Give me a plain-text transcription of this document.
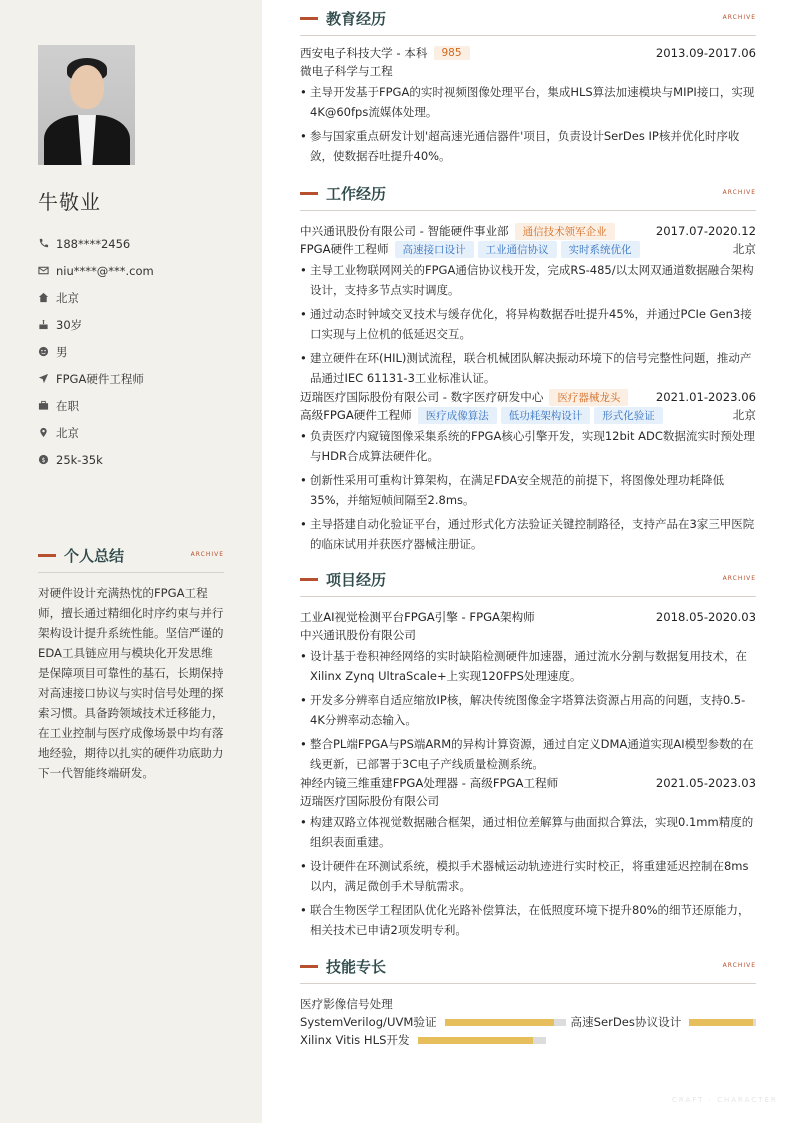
牛敬业
188****2456
niu****@***.com
北京
30岁
男
FPGA硬件工程师
在职
北京
$ 25k-35k
个人总结	ARCHIVE
对硬件设计充满热忱的FPGA工程师，擅长通过精细化时序约束与并行架构设计提升系统性能。坚信严谨的EDA工具链应用与模块化开发思维是保障项目可靠性的基石，长期保持对高速接口协议与实时信号处理的探索习惯。具备跨领域技术迁移能力，在工业控制与医疗成像场景中均有落地经验，期待以扎实的硬件功底助力下一代智能终端研发。
教育经历	ARCHIVE
西安电子科技大学 - 本科	985	2013.09-2017.06
微电子科学与工程
• 主导开发基于FPGA的实时视频图像处理平台，集成HLS算法加速模块与MIPI接口，实现4K@60fps流媒体处理。
• 参与国家重点研发计划'超高速光通信器件'项目，负责设计SerDes IP核并优化时序收敛，使数据吞吐提升40%。
工作经历	ARCHIVE
中兴通讯股份有限公司 - 智能硬件事业部	通信技术领军企业	2017.07-2020.12
FPGA硬件工程师	高速接口设计	工业通信协议	实时系统优化	北京
• 主导工业物联网网关的FPGA通信协议栈开发，完成RS-485/以太网双通道数据融合架构设计，支持多节点实时调度。
• 通过动态时钟域交叉技术与缓存优化，将异构数据吞吐提升45%，并通过PCIe Gen3接口实现与上位机的低延迟交互。
• 建立硬件在环(HIL)测试流程，联合机械团队解决振动环境下的信号完整性问题，推动产品通过IEC 61131-3工业标准认证。
迈瑞医疗国际股份有限公司 - 数字医疗研发中心	医疗器械龙头	2021.01-2023.06
高级FPGA硬件工程师	医疗成像算法	低功耗架构设计	形式化验证	北京
• 负责医疗内窥镜图像采集系统的FPGA核心引擎开发，实现12bit ADC数据流实时预处理与HDR合成算法硬件化。
• 创新性采用可重构计算架构，在满足FDA安全规范的前提下，将图像处理功耗降低35%，并缩短帧间隔至2.8ms。
• 主导搭建自动化验证平台，通过形式化方法验证关键控制路径，支持产品在3家三甲医院的临床试用并获医疗器械注册证。
项目经历	ARCHIVE
工业AI视觉检测平台FPGA引擎 - FPGA架构师	2018.05-2020.03
中兴通讯股份有限公司
• 设计基于卷积神经网络的实时缺陷检测硬件加速器，通过流水分割与数据复用技术，在Xilinx Zynq UltraScale+上实现120FPS处理速度。
• 开发多分辨率自适应缩放IP核，解决传统图像金字塔算法资源占用高的问题，支持0.5-4K分辨率动态输入。
• 整合PL端FPGA与PS端ARM的异构计算资源，通过自定义DMA通道实现AI模型参数的在线更新，已部署于3C电子产线质量检测系统。
神经内镜三维重建FPGA处理器 - 高级FPGA工程师	2021.05-2023.03
迈瑞医疗国际股份有限公司
• 构建双路立体视觉数据融合框架，通过相位差解算与曲面拟合算法，实现0.1mm精度的组织表面重建。
• 设计硬件在环测试系统，模拟手术器械运动轨迹进行实时校正，将重建延迟控制在8ms以内，满足微创手术导航需求。
• 联合生物医学工程团队优化光路补偿算法，在低照度环境下提升80%的细节还原能力，相关技术已申请2项发明专利。
技能专长	ARCHIVE
医疗影像信号处理
SystemVerilog/UVM验证	高速SerDes协议设计
Xilinx Vitis HLS开发
CRAFT · CHARACTER
